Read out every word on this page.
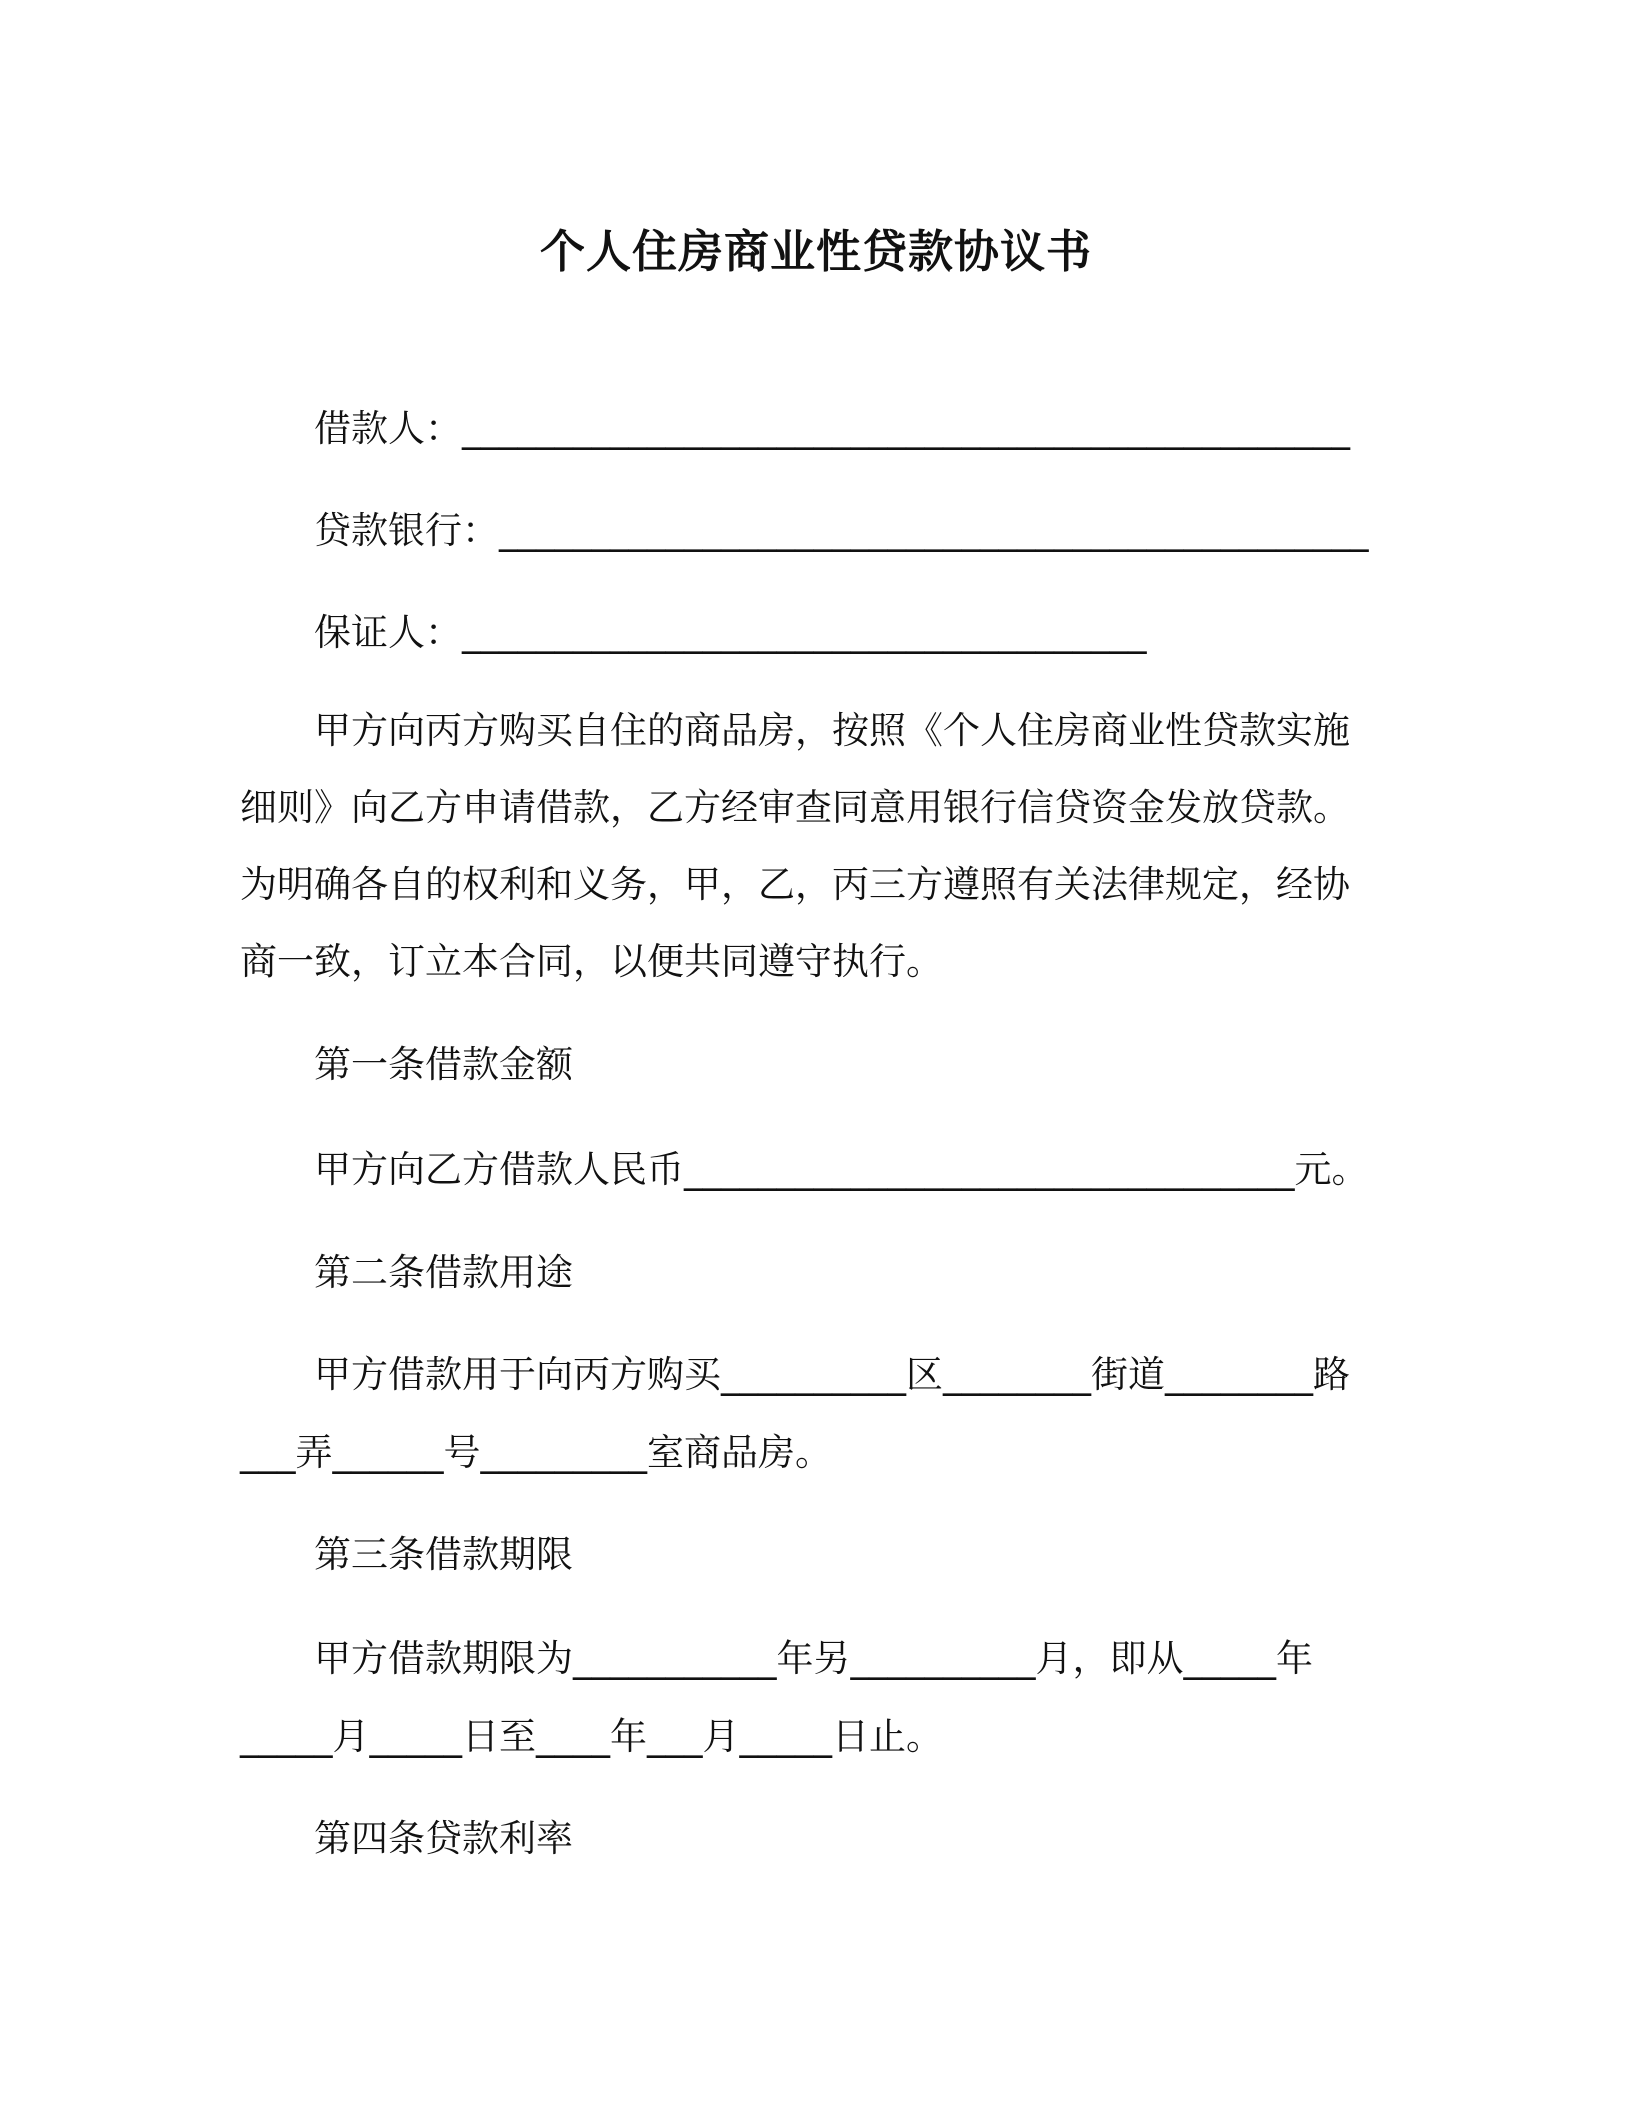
个人住房商业性贷款协议书
借款人：________________________________________________
贷款银行：_______________________________________________
保证人：_____________________________________
甲方向丙方购买自住的商品房，按照《个人住房商业性贷款实施细则》向乙方申请借款，乙方经审查同意用银行信贷资金发放贷款。为明确各自的权利和义务，甲，乙，丙三方遵照有关法律规定，经协商一致，订立本合同，以便共同遵守执行。
第一条借款金额
甲方向乙方借款人民币_________________________________元。
第二条借款用途
甲方借款用于向丙方购买__________区________街道________路
___弄______号_________室商品房。
第三条借款期限
甲方借款期限为___________年另__________月，即从_____年
_____月_____日至____年___月_____日止。
第四条贷款利率
